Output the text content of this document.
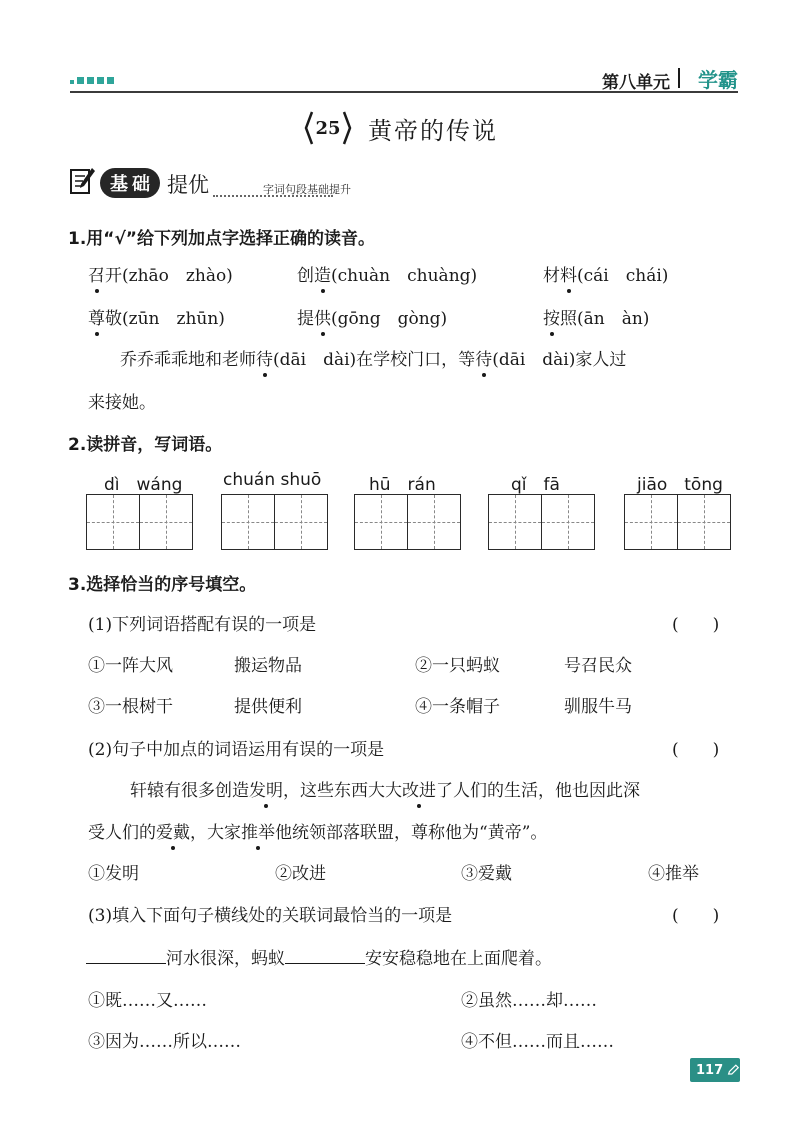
第八单元 学霸
25 黄帝的传说
基 础 提优	字词句段基础提升
1.用“√”给下列加点字选择正确的读音。
召开(zhāo　zhào)	创造(chuàn　chuàng)	材料(cái　chái)
尊敬(zūn　zhūn)	提供(gōng　gòng)	按照(ān　àn)
乔乔乖乖地和老师待(dāi　dài)在学校门口，等待(dāi　dài)家人过
来接她。
2.读拼音，写词语。
dì　wáng chuán shuō	hū　rán	qǐ　fā	jiāo　tōng
3.选择恰当的序号填空。
(1)下列词语搭配有误的一项是	(　　)
①一阵大风	搬运物品	②一只蚂蚁	号召民众
③一根树干	提供便利	④一条帽子	驯服牛马
(2)句子中加点的词语运用有误的一项是	(　　)
轩辕有很多创造发明，这些东西大大改进了人们的生活，他也因此深
受人们的爱戴，大家推举他统领部落联盟，尊称他为“黄帝”。
①发明	②改进	③爱戴	④推举
(3)填入下面句子横线处的关联词最恰当的一项是	(　　)
河水很深，蚂蚁	安安稳稳地在上面爬着。
①既……又……	②虽然……却……
③因为……所以……	④不但……而且……
117
